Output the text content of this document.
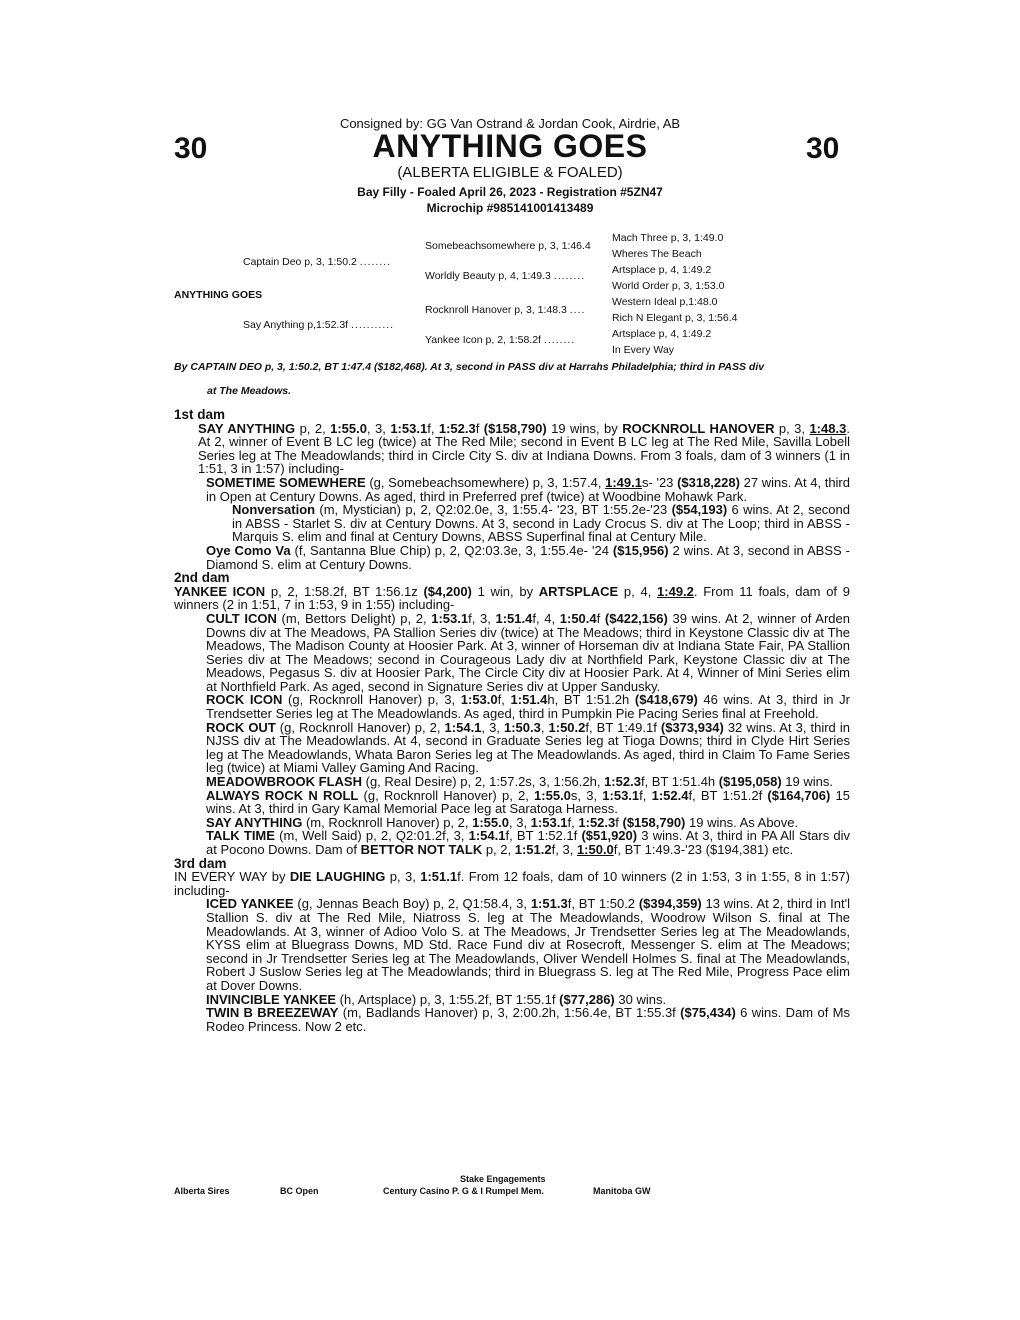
Consigned by: GG Van Ostrand & Jordan Cook, Airdrie, AB
30	30
ANYTHING GOES
(ALBERTA ELIGIBLE & FOALED)
Bay Filly - Foaled April 26, 2023 - Registration #5ZN47
Microchip #985141001413489
Somebeachsomewhere p, 3, 1:46.4
Captain Deo p, 3, 1:50.2 ........
Worldly Beauty p, 4, 1:49.3 ........
ANYTHING GOES
Rocknroll Hanover p, 3, 1:48.3 ....
Say Anything p,1:52.3f ...........
Yankee Icon p, 2, 1:58.2f ........
Mach Three p, 3, 1:49.0
Wheres The Beach
Artsplace p, 4, 1:49.2
World Order p, 3, 1:53.0
Western Ideal p,1:48.0
Rich N Elegant p, 3, 1:56.4
Artsplace p, 4, 1:49.2
In Every Way
By CAPTAIN DEO p, 3, 1:50.2, BT 1:47.4 ($182,468). At 3, second in PASS div at Harrahs Philadelphia; third in PASS div
at The Meadows.

1st dam

SAY ANYTHING p, 2, 1:55.0, 3, 1:53.1f, 1:52.3f ($158,790) 19 wins, by ROCKNROLL HANOVER p, 3, 1:48.3. At 2, winner of Event B LC leg (twice) at The Red Mile; second in Event B LC leg at The Red Mile, Savilla Lobell Series leg at The Meadowlands; third in Circle City S. div at Indiana Downs. From 3 foals, dam of 3 winners (1 in 1:51, 3 in 1:57) including-

SOMETIME SOMEWHERE (g, Somebeachsomewhere) p, 3, 1:57.4, 1:49.1s- '23 ($318,228) 27 wins. At 4, third in Open at Century Downs. As aged, third in Preferred pref (twice) at Woodbine Mohawk Park.

Nonversation (m, Mystician) p, 2, Q2:02.0e, 3, 1:55.4- '23, BT 1:55.2e-'23 ($54,193) 6 wins. At 2, second in ABSS - Starlet S. div at Century Downs. At 3, second in Lady Crocus S. div at The Loop; third in ABSS - Marquis S. elim and final at Century Downs, ABSS Superfinal final at Century Mile.

Oye Como Va (f, Santanna Blue Chip) p, 2, Q2:03.3e, 3, 1:55.4e- '24 ($15,956) 2 wins. At 3, second in ABSS - Diamond S. elim at Century Downs.

2nd dam

YANKEE ICON p, 2, 1:58.2f, BT 1:56.1z ($4,200) 1 win, by ARTSPLACE p, 4, 1:49.2. From 11 foals, dam of 9 winners (2 in 1:51, 7 in 1:53, 9 in 1:55) including-

CULT ICON (m, Bettors Delight) p, 2, 1:53.1f, 3, 1:51.4f, 4, 1:50.4f ($422,156) 39 wins. At 2, winner of Arden Downs div at The Meadows, PA Stallion Series div (twice) at The Meadows; third in Keystone Classic div at The Meadows, The Madison County at Hoosier Park. At 3, winner of Horseman div at Indiana State Fair, PA Stallion Series div at The Meadows; second in Courageous Lady div at Northfield Park, Keystone Classic div at The Meadows, Pegasus S. div at Hoosier Park, The Circle City div at Hoosier Park. At 4, Winner of Mini Series elim at Northfield Park. As aged, second in Signature Series div at Upper Sandusky.

ROCK ICON (g, Rocknroll Hanover) p, 3, 1:53.0f, 1:51.4h, BT 1:51.2h ($418,679) 46 wins. At 3, third in Jr Trendsetter Series leg at The Meadowlands. As aged, third in Pumpkin Pie Pacing Series final at Freehold.

ROCK OUT (g, Rocknroll Hanover) p, 2, 1:54.1, 3, 1:50.3, 1:50.2f, BT 1:49.1f ($373,934) 32 wins. At 3, third in NJSS div at The Meadowlands. At 4, second in Graduate Series leg at Tioga Downs; third in Clyde Hirt Series leg at The Meadowlands, Whata Baron Series leg at The Meadowlands. As aged, third in Claim To Fame Series leg (twice) at Miami Valley Gaming And Racing.

MEADOWBROOK FLASH (g, Real Desire) p, 2, 1:57.2s, 3, 1:56.2h, 1:52.3f, BT 1:51.4h ($195,058) 19 wins.

ALWAYS ROCK N ROLL (g, Rocknroll Hanover) p, 2, 1:55.0s, 3, 1:53.1f, 1:52.4f, BT 1:51.2f ($164,706) 15 wins. At 3, third in Gary Kamal Memorial Pace leg at Saratoga Harness.

SAY ANYTHING (m, Rocknroll Hanover) p, 2, 1:55.0, 3, 1:53.1f, 1:52.3f ($158,790) 19 wins. As Above.

TALK TIME (m, Well Said) p, 2, Q2:01.2f, 3, 1:54.1f, BT 1:52.1f ($51,920) 3 wins. At 3, third in PA All Stars div at Pocono Downs. Dam of BETTOR NOT TALK p, 2, 1:51.2f, 3, 1:50.0f, BT 1:49.3-'23 ($194,381) etc.

3rd dam

IN EVERY WAY by DIE LAUGHING p, 3, 1:51.1f. From 12 foals, dam of 10 winners (2 in 1:53, 3 in 1:55, 8 in 1:57) including-

ICED YANKEE (g, Jennas Beach Boy) p, 2, Q1:58.4, 3, 1:51.3f, BT 1:50.2 ($394,359) 13 wins. At 2, third in Int'l Stallion S. div at The Red Mile, Niatross S. leg at The Meadowlands, Woodrow Wilson S. final at The Meadowlands. At 3, winner of Adioo Volo S. at The Meadows, Jr Trendsetter Series leg at The Meadowlands, KYSS elim at Bluegrass Downs, MD Std. Race Fund div at Rosecroft, Messenger S. elim at The Meadows; second in Jr Trendsetter Series leg at The Meadowlands, Oliver Wendell Holmes S. final at The Meadowlands, Robert J Suslow Series leg at The Meadowlands; third in Bluegrass S. leg at The Red Mile, Progress Pace elim at Dover Downs.

INVINCIBLE YANKEE (h, Artsplace) p, 3, 1:55.2f, BT 1:55.1f ($77,286) 30 wins.

TWIN B BREEZEWAY (m, Badlands Hanover) p, 3, 2:00.2h, 1:56.4e, BT 1:55.3f ($75,434) 6 wins. Dam of Ms Rodeo Princess. Now 2 etc.

Stake Engagements
Alberta Sires	BC Open	Century Casino P. G & I Rumpel Mem.	Manitoba GW
